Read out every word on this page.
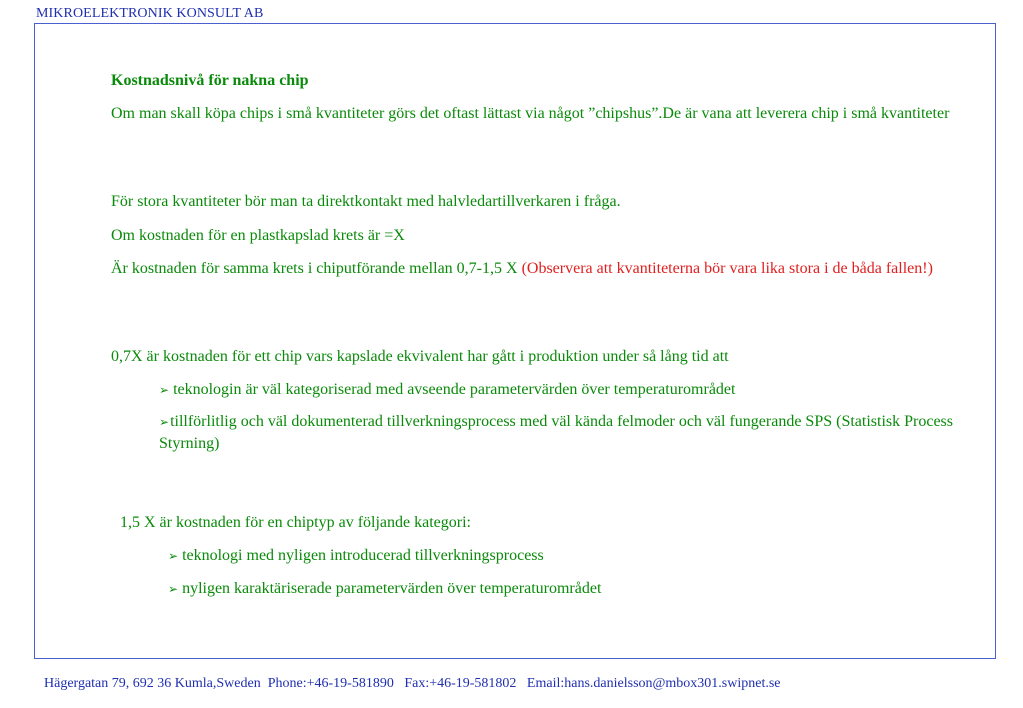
MIKROELEKTRONIK KONSULT AB
Kostnadsnivå för nakna chip
Om man skall köpa chips i små kvantiteter görs det oftast lättast via något ”chipshus”.De är vana att leverera chip i små kvantiteter
För stora kvantiteter bör man ta direktkontakt med halvledartillverkaren i fråga.
Om kostnaden för en plastkapslad krets är =X
Är kostnaden för samma krets i chiputförande mellan 0,7-1,5 X (Observera att kvantiteterna bör vara lika stora i de båda fallen!)
0,7X är kostnaden för ett chip vars kapslade ekvivalent har gått i produktion under så lång tid att
➢ teknologin är väl kategoriserad med avseende parametervärden över temperaturområdet
➢tillförlitlig och väl dokumenterad tillverkningsprocess med väl kända felmoder och väl fungerande SPS (Statistisk Process Styrning)
1,5 X är kostnaden för en chiptyp av följande kategori:
➢ teknologi med nyligen introducerad tillverkningsprocess
➢ nyligen karaktäriserade parametervärden över temperaturområdet
Hägergatan 79, 692 36 Kumla,Sweden Phone:+46-19-581890 Fax:+46-19-581802 Email:hans.danielsson@mbox301.swipnet.se
